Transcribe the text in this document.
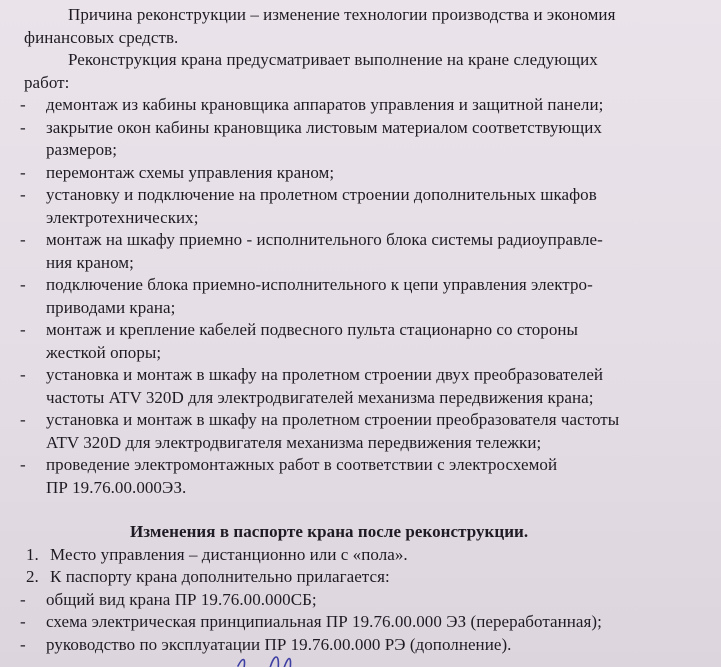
Причина реконструкции – изменение технологии производства и экономия

финансовых средств.

Реконструкция крана предусматривает выполнение на кране следующих

работ:

-	демонтаж из кабины крановщика аппаратов управления и защитной панели;
-	закрытие окон кабины крановщика листовым материалом соответствующих
размеров;
-	перемонтаж схемы управления краном;
-	установку и подключение на пролетном строении дополнительных шкафов
электротехнических;
-	монтаж на шкафу приемно - исполнительного блока системы радиоуправле-
ния краном;
-	подключение блока приемно-исполнительного к цепи управления электро-
приводами крана;
-	монтаж и крепление кабелей подвесного пульта стационарно со стороны
жесткой опоры;
-	установка и монтаж в шкафу на пролетном строении двух преобразователей
частоты ATV 320D для электродвигателей механизма передвижения крана;
-	установка и монтаж в шкафу на пролетном строении преобразователя частоты
ATV 320D для электродвигателя механизма передвижения тележки;
-	проведение электромонтажных работ в соответствии с электросхемой
ПР 19.76.00.000ЭЗ.

Изменения в паспорте крана после реконструкции.

1. Место управления – дистанционно или с «пола».

2. К паспорту крана дополнительно прилагается:

-	общий вид крана ПР 19.76.00.000СБ;
-	схема электрическая принципиальная ПР 19.76.00.000 ЭЗ (переработанная);
-	руководство по эксплуатации ПР 19.76.00.000 РЭ (дополнение).
